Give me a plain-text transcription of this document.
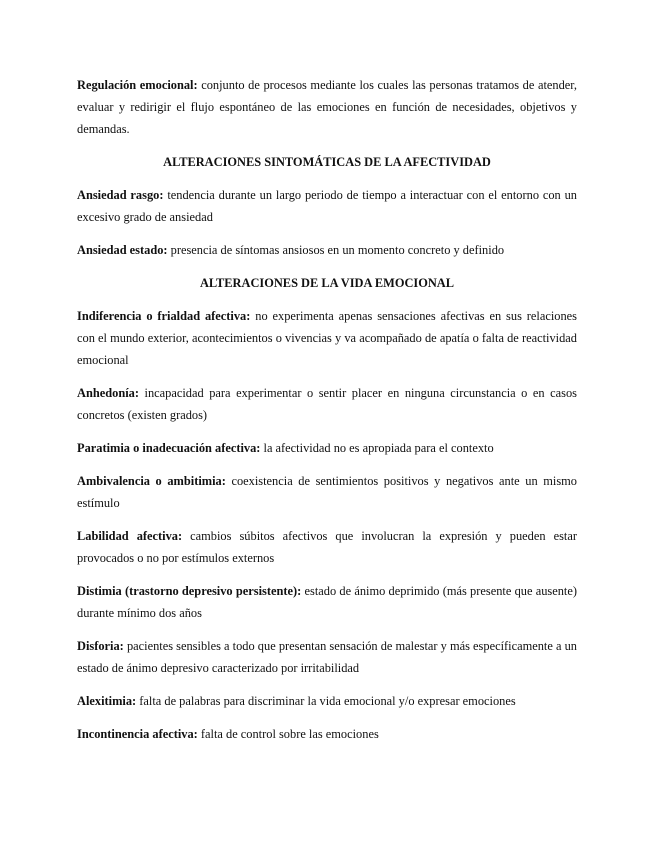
Regulación emocional: conjunto de procesos mediante los cuales las personas tratamos de atender, evaluar y redirigir el flujo espontáneo de las emociones en función de necesidades, objetivos y demandas.

ALTERACIONES SINTOMÁTICAS DE LA AFECTIVIDAD

Ansiedad rasgo: tendencia durante un largo periodo de tiempo a interactuar con el entorno con un excesivo grado de ansiedad

Ansiedad estado: presencia de síntomas ansiosos en un momento concreto y definido

ALTERACIONES DE LA VIDA EMOCIONAL

Indiferencia o frialdad afectiva: no experimenta apenas sensaciones afectivas en sus relaciones con el mundo exterior, acontecimientos o vivencias y va acompañado de apatía o falta de reactividad emocional

Anhedonía: incapacidad para experimentar o sentir placer en ninguna circunstancia o en casos concretos (existen grados)

Paratimia o inadecuación afectiva: la afectividad no es apropiada para el contexto

Ambivalencia o ambitimia: coexistencia de sentimientos positivos y negativos ante un mismo estímulo

Labilidad afectiva: cambios súbitos afectivos que involucran la expresión y pueden estar provocados o no por estímulos externos

Distimia (trastorno depresivo persistente): estado de ánimo deprimido (más presente que ausente) durante mínimo dos años

Disforia: pacientes sensibles a todo que presentan sensación de malestar y más específicamente a un estado de ánimo depresivo caracterizado por irritabilidad

Alexitimia: falta de palabras para discriminar la vida emocional y/o expresar emociones

Incontinencia afectiva: falta de control sobre las emociones
